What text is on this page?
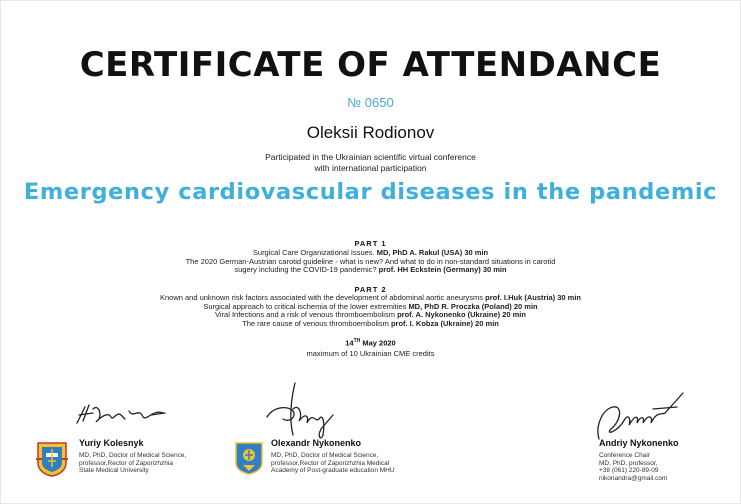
CERTIFICATE OF ATTENDANCE
№ 0650
Oleksii Rodionov
Participated in the Ukrainian scientific virtual conference
with international participation
Emergency cardiovascular diseases in the pandemic
PART 1
Surgical Care Organizational Issues. MD, PhD A. Rakul (USA) 30 min
The 2020 German-Austrian carotid guideline - what is new? And what to do in non-standard situations in carotid
sugery including the COVID-19 pandemic? prof. HH Eckstein (Germany) 30 min
PART 2
Known and unknown risk factors associated with the development of abdominal aortic aneurysms prof. I.Huk (Austria) 30 min
Surgical approach to critical ischemia of the lower extremities MD, PhD R. Proczka (Poland) 20 min
Viral Infections and a risk of venous thromboembolism prof. A. Nykonenko (Ukraine) 20 min
The rare cause of venous thromboembolism prof. I. Kobza (Ukraine) 20 min
14TH May 2020
maximum of 10 Ukrainian CME credits
Yuriy Kolesnyk
MD, PhD, Doctor of Medical Science,
professor,Rector of Zaporizhzhia
State Medical University
Olexandr Nykonenko
MD, PhD, Doctor of Medical Science,
professor,Rector of Zaporizhzhia Medical
Academy of Post-graduate education MHU
Andriy Nykonenko
Conference Chair
MD, PhD, professor,
+38 (061) 220-89-09
nikonandra@gmail.com
